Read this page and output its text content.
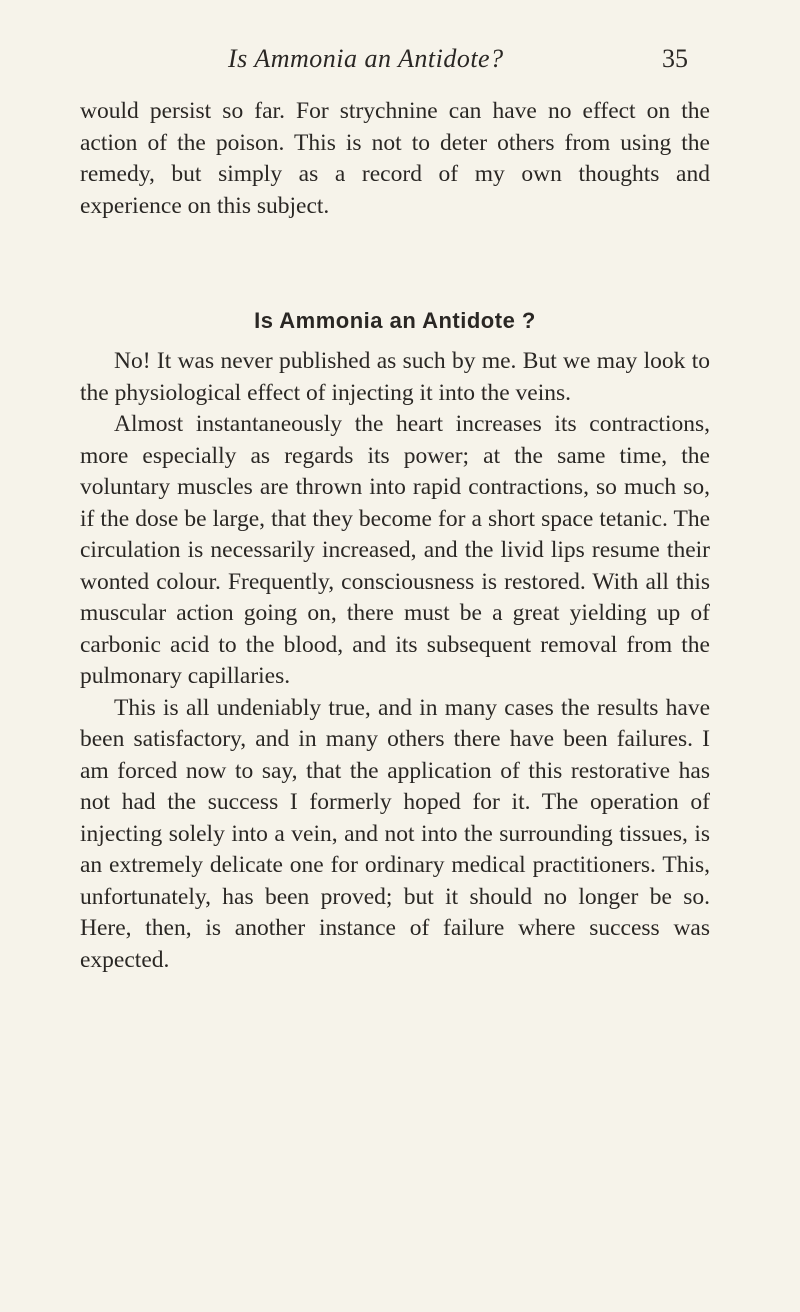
Is Ammonia an Antidote?	35

would persist so far. For strychnine can have no effect on the action of the poison. This is not to deter others from using the remedy, but simply as a record of my own thoughts and experience on this subject.

Is Ammonia an Antidote ?

No! It was never published as such by me. But we may look to the physiological effect of injecting it into the veins.

Almost instantaneously the heart increases its contractions, more especially as regards its power; at the same time, the voluntary muscles are thrown into rapid contractions, so much so, if the dose be large, that they become for a short space tetanic. The circulation is necessarily increased, and the livid lips resume their wonted colour. Frequently, consciousness is restored. With all this muscular action going on, there must be a great yielding up of carbonic acid to the blood, and its subsequent removal from the pulmonary capillaries.

This is all undeniably true, and in many cases the results have been satisfactory, and in many others there have been failures. I am forced now to say, that the application of this restorative has not had the success I formerly hoped for it. The operation of injecting solely into a vein, and not into the surrounding tissues, is an extremely delicate one for ordinary medical practitioners. This, unfortunately, has been proved; but it should no longer be so. Here, then, is another instance of failure where success was expected.
